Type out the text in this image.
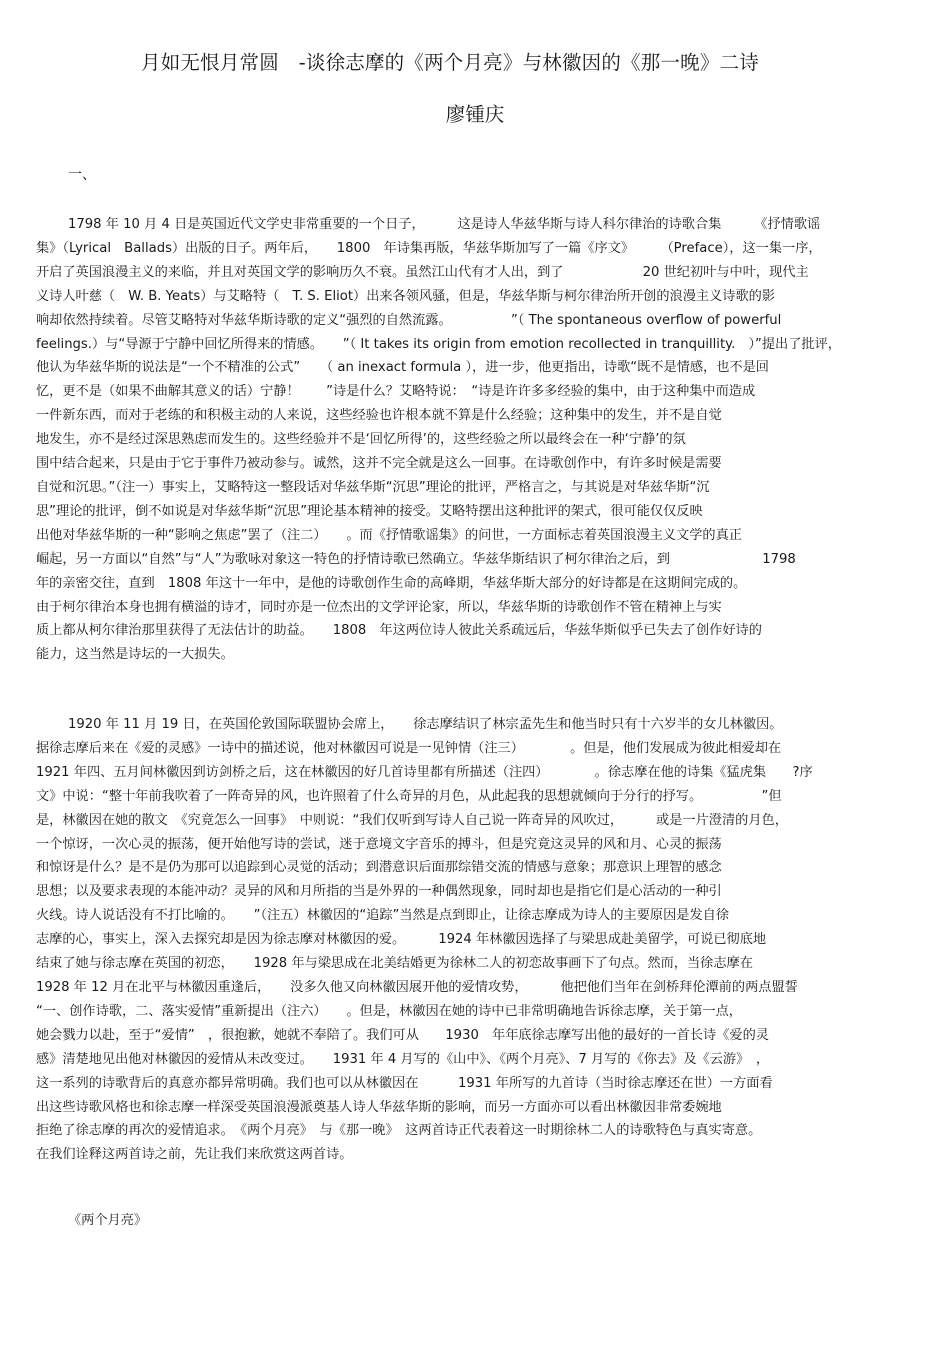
月如无恨月常圆　-谈徐志摩的《两个月亮》与林徽因的《那一晚》二诗
廖锺庆
一、
1798 年 10 月 4 日是英国近代文学史非常重要的一个日子，　　　这是诗人华兹华斯与诗人科尔律治的诗歌合集　　　《抒情歌谣
集》（Lyrical　Ballads）出版的日子。两年后，　　1800　年诗集再版，华兹华斯加写了一篇《序文》　　　（Preface），这一集一序，
开启了英国浪漫主义的来临，并且对英国文学的影响历久不衰。虽然江山代有才人出，到了　　　　　　20 世纪初叶与中叶，现代主
义诗人叶慈（　W. B. Yeats）与艾略特（　T. S. Eliot）出来各领风骚，但是，华兹华斯与柯尔律治所开创的浪漫主义诗歌的影
响却依然持续着。尽管艾略特对华兹华斯诗歌的定义“强烈的自然流露。　　　　　”（ The spontaneous overflow of powerful
feelings.）与“导源于宁静中回忆所得来的情感。　　”（ It takes its origin from emotion recollected in tranquillity.　）”提出了批评，
他认为华兹华斯的说法是“一个不精准的公式”　　（ an inexact formula ），进一步，他更指出，诗歌“既不是情感，也不是回
忆，更不是（如果不曲解其意义的话）宁静！　　”诗是什么？艾略特说：　“诗是许许多多经验的集中，由于这种集中而造成
一件新东西，而对于老练的和积极主动的人来说，这些经验也许根本就不算是什么经验；这种集中的发生，并不是自觉
地发生，亦不是经过深思熟虑而发生的。这些经验并不是‘回忆所得’的，这些经验之所以最终会在一种‘宁静’的氛
围中结合起来，只是由于它于事件乃被动参与。诚然，这并不完全就是这么一回事。在诗歌创作中，有许多时候是需要
自觉和沉思。”（注一）事实上，艾略特这一整段话对华兹华斯“沉思”理论的批评，严格言之，与其说是对华兹华斯“沉
思”理论的批评，倒不如说是对华兹华斯“沉思”理论基本精神的接受。艾略特摆出这种批评的架式，很可能仅仅反映
出他对华兹华斯的一种“影响之焦虑”罢了（注二）　　。而《抒情歌谣集》的问世，一方面标志着英国浪漫主义文学的真正
崛起，另一方面以“自然”与“人”为歌咏对象这一特色的抒情诗歌已然确立。华兹华斯结识了柯尔律治之后，到　　　　　　　1798
年的亲密交往，直到　1808 年这十一年中，是他的诗歌创作生命的高峰期，华兹华斯大部分的好诗都是在这期间完成的。
由于柯尔律治本身也拥有横溢的诗才，同时亦是一位杰出的文学评论家，所以，华兹华斯的诗歌创作不管在精神上与实
质上都从柯尔律治那里获得了无法估计的助益。　　1808　年这两位诗人彼此关系疏远后，华兹华斯似乎已失去了创作好诗的
能力，这当然是诗坛的一大损失。
1920 年 11 月 19 日，在英国伦敦国际联盟协会席上，　　徐志摩结识了林宗孟先生和他当时只有十六岁半的女儿林徽因。
据徐志摩后来在《爱的灵感》一诗中的描述说，他对林徽因可说是一见钟情（注三）　　　　。但是，他们发展成为彼此相爱却在
1921 年四、五月间林徽因到访剑桥之后，这在林徽因的好几首诗里都有所描述（注四）　　　　。徐志摩在他的诗集《猛虎集　　?序
文》中说：“整十年前我吹着了一阵奇异的风，也许照着了什么奇异的月色，从此起我的思想就倾向于分行的抒写。　　　　　”但
是，林徽因在她的散文　《究竟怎么一回事》　中则说：“我们仅听到写诗人自己说一阵奇异的风吹过，　　　或是一片澄清的月色，
一个惊讶，一次心灵的振荡，便开始他写诗的尝试，迷于意境文字音乐的搏斗，但是究竟这灵异的风和月、心灵的振荡
和惊讶是什么？是不是仍为那可以追踪到心灵觉的活动；到潜意识后面那综错交流的情感与意象；那意识上理智的感念
思想；以及要求表现的本能冲动？灵异的风和月所指的当是外界的一种偶然现象，同时却也是指它们是心活动的一种引
火线。诗人说话没有不打比喻的。　　”（注五）林徽因的“追踪”当然是点到即止，让徐志摩成为诗人的主要原因是发自徐
志摩的心，事实上，深入去探究却是因为徐志摩对林徽因的爱。　　　1924 年林徽因选择了与梁思成赴美留学，可说已彻底地
结束了她与徐志摩在英国的初恋，　　1928 年与梁思成在北美结婚更为徐林二人的初恋故事画下了句点。然而，当徐志摩在
1928 年 12 月在北平与林徽因重逢后，　　没多久他又向林徽因展开他的爱情攻势，　　　他把他们当年在剑桥拜伦潭前的两点盟誓
“一、创作诗歌，二、落实爱情”重新提出（注六）　　。但是，林徽因在她的诗中已非常明确地告诉徐志摩，关于第一点，
她会戮力以赴，至于“爱情”　，很抱歉，她就不奉陪了。我们可从　　1930　年年底徐志摩写出他的最好的一首长诗《爱的灵
感》清楚地见出他对林徽因的爱情从未改变过。　　1931 年 4 月写的《山中》、《两个月亮》、7 月写的《你去》及《云游》　，
这一系列的诗歌背后的真意亦都异常明确。我们也可以从林徽因在　　　1931 年所写的九首诗（当时徐志摩还在世）一方面看
出这些诗歌风格也和徐志摩一样深受英国浪漫派奠基人诗人华兹华斯的影响，而另一方面亦可以看出林徽因非常委婉地
拒绝了徐志摩的再次的爱情追求。　《两个月亮》　与《那一晚》　这两首诗正代表着这一时期徐林二人的诗歌特色与真实寄意。
在我们诠释这两首诗之前，先让我们来欣赏这两首诗。
《两个月亮》
